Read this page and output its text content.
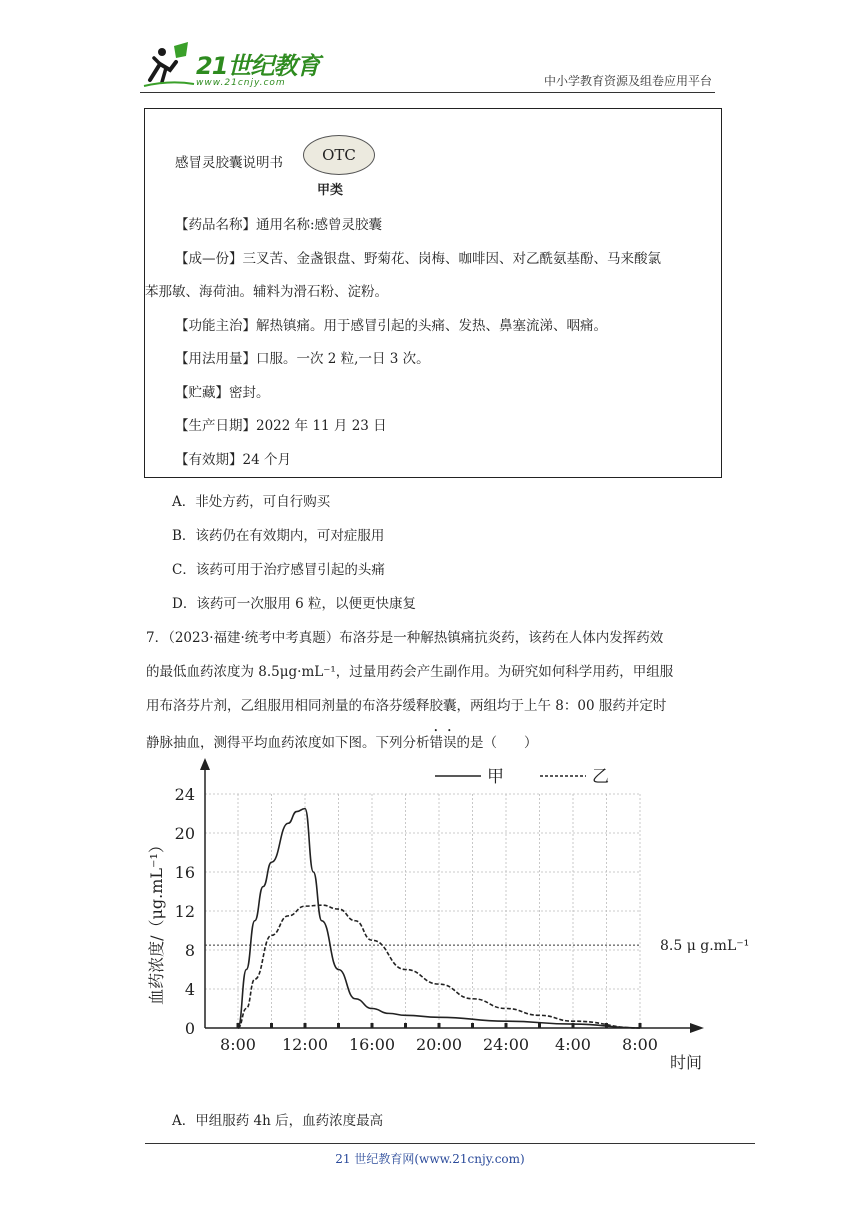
21世纪教育
www.21cnjy.com	中小学教育资源及组卷应用平台
感冒灵胶囊说明书	OTC
甲类
【药品名称】通用名称:感曾灵胶囊
【成—份】三叉苦、金盏银盘、野菊花、岗梅、咖啡因、对乙酰氨基酚、马来酸氯
苯那敏、海荷油。辅料为滑石粉、淀粉。
【功能主治】解热镇痛。用于感冒引起的头痛、发热、鼻塞流涕、咽痛。
【用法用量】口服。一次 2 粒,一日 3 次。
【贮藏】密封。
【生产日期】2022 年 11 月 23 日
【有效期】24 个月
A．非处方药，可自行购买
B．该药仍在有效期内，可对症服用
C．该药可用于治疗感冒引起的头痛
D．该药可一次服用 6 粒，以便更快康复
7．（2023·福建·统考中考真题）布洛芬是一种解热镇痛抗炎药，该药在人体内发挥药效
的最低血药浓度为 8.5μg·mL⁻¹，过量用药会产生副作用。为研究如何科学用药，甲组服
用布洛芬片剂，乙组服用相同剂量的布洛芬缓释胶囊，两组均于上午 8：00 服药并定时
静脉抽血，测得平均血药浓度如下图。下列分析错误的是（　　）
0
4
8
12
16
20
24
8:00 12:00 16:00 20:00 24:00 4:00 8:00
血药浓度/（μg.mL⁻¹）
时间
8.5 μ g.mL⁻¹
甲	乙
A．甲组服药 4h 后，血药浓度最高
21 世纪教育网(www.21cnjy.com)
